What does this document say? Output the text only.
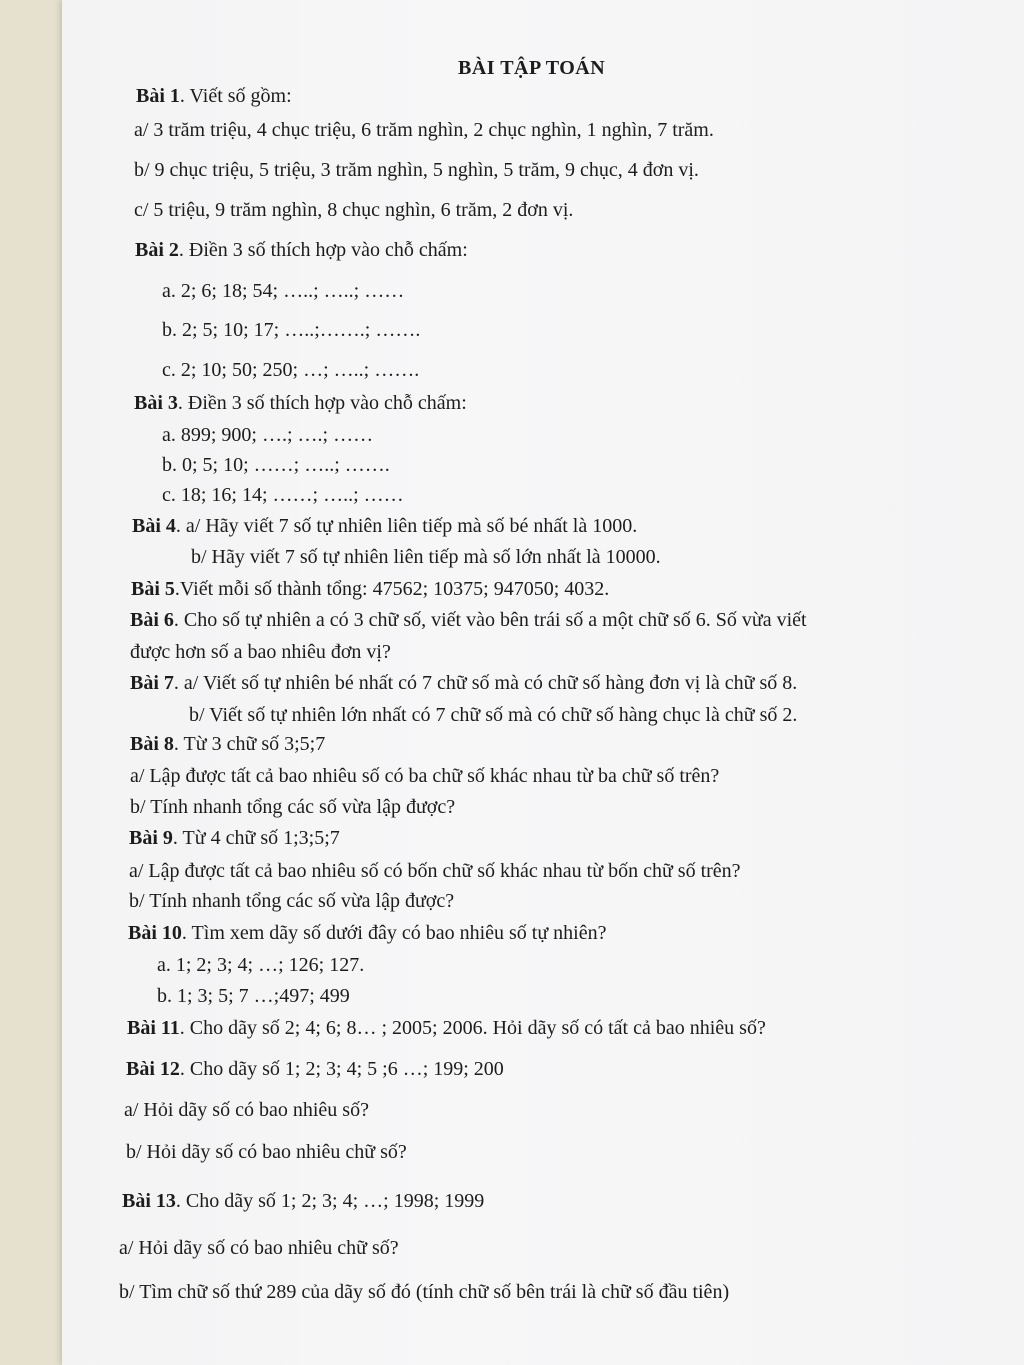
BÀI TẬP TOÁN
Bài 1. Viết số gồm:
a/ 3 trăm triệu, 4 chục triệu, 6 trăm nghìn, 2 chục nghìn, 1 nghìn, 7 trăm.
b/ 9 chục triệu, 5 triệu, 3 trăm nghìn, 5 nghìn, 5 trăm, 9 chục, 4 đơn vị.
c/ 5 triệu, 9 trăm nghìn, 8 chục nghìn, 6 trăm, 2 đơn vị.
Bài 2. Điền 3 số thích hợp vào chỗ chấm:
a. 2; 6; 18; 54; …..; …..; ……
b. 2; 5; 10; 17; …..;…….; …….
c. 2; 10; 50; 250; …; …..; …….
Bài 3. Điền 3 số thích hợp vào chỗ chấm:
a. 899; 900; ….; ….; ……
b. 0; 5; 10; ……; …..; …….
c. 18; 16; 14; ……; …..; ……
Bài 4. a/ Hãy viết 7 số tự nhiên liên tiếp mà số bé nhất là 1000.
b/ Hãy viết 7 số tự nhiên liên tiếp mà số lớn nhất là 10000.
Bài 5.Viết mỗi số thành tổng: 47562; 10375; 947050; 4032.
Bài 6. Cho số tự nhiên a có 3 chữ số, viết vào bên trái số a một chữ số 6. Số vừa viết
được hơn số a bao nhiêu đơn vị?
Bài 7. a/ Viết số tự nhiên bé nhất có 7 chữ số mà có chữ số hàng đơn vị là chữ số 8.
b/ Viết số tự nhiên lớn nhất có 7 chữ số mà có chữ số hàng chục là chữ số 2.
Bài 8. Từ 3 chữ số 3;5;7
a/ Lập được tất cả bao nhiêu số có ba chữ số khác nhau từ ba chữ số trên?
b/ Tính nhanh tổng các số vừa lập được?
Bài 9. Từ 4 chữ số 1;3;5;7
a/ Lập được tất cả bao nhiêu số có bốn chữ số khác nhau từ bốn chữ số trên?
b/ Tính nhanh tổng các số vừa lập được?
Bài 10. Tìm xem dãy số dưới đây có bao nhiêu số tự nhiên?
a. 1; 2; 3; 4; …; 126; 127.
b. 1; 3; 5; 7 …;497; 499
Bài 11. Cho dãy số 2; 4; 6; 8… ; 2005; 2006. Hỏi dãy số có tất cả bao nhiêu số?
Bài 12. Cho dãy số 1; 2; 3; 4; 5 ;6 …; 199; 200
a/ Hỏi dãy số có bao nhiêu số?
b/ Hỏi dãy số có bao nhiêu chữ số?
Bài 13. Cho dãy số 1; 2; 3; 4; …; 1998; 1999
a/ Hỏi dãy số có bao nhiêu chữ số?
b/ Tìm chữ số thứ 289 của dãy số đó (tính chữ số bên trái là chữ số đầu tiên)
